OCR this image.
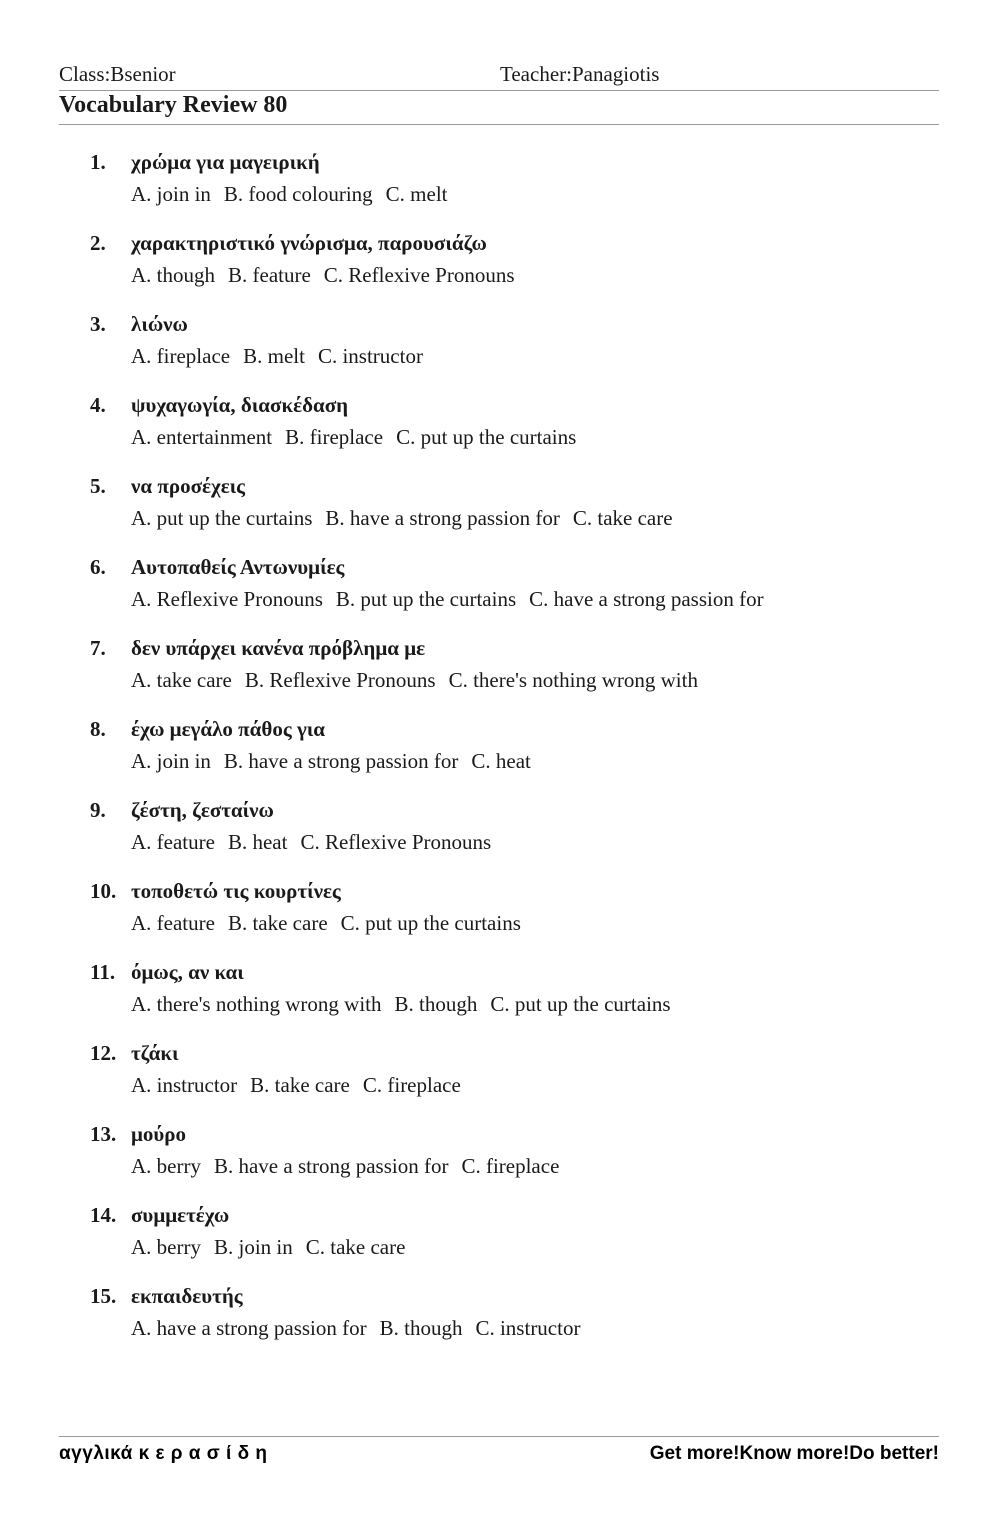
Class:Bsenior	Teacher:Panagiotis
Vocabulary Review 80
1. χρώμα για μαγειρική
A. join in B. food colouring C. melt
2. χαρακτηριστικό γνώρισμα, παρουσιάζω
A. though B. feature C. Reflexive Pronouns
3. λιώνω
A. fireplace B. melt C. instructor
4. ψυχαγωγία, διασκέδαση
A. entertainment B. fireplace C. put up the curtains
5. να προσέχεις
A. put up the curtains B. have a strong passion for C. take care
6. Αυτοπαθείς Αντωνυμίες
A. Reflexive Pronouns B. put up the curtains C. have a strong passion for
7. δεν υπάρχει κανένα πρόβλημα με
A. take care B. Reflexive Pronouns C. there's nothing wrong with
8. έχω μεγάλο πάθος για
A. join in B. have a strong passion for C. heat
9. ζέστη, ζεσταίνω
A. feature B. heat C. Reflexive Pronouns
10. τοποθετώ τις κουρτίνες
A. feature B. take care C. put up the curtains
11. όμως, αν και
A. there's nothing wrong with B. though C. put up the curtains
12. τζάκι
A. instructor B. take care C. fireplace
13. μούρο
A. berry B. have a strong passion for C. fireplace
14. συμμετέχω
A. berry B. join in C. take care
15. εκπαιδευτής
A. have a strong passion for B. though C. instructor
αγγλικά κ ε ρ α σ ί δ η	Get more!Know more!Do better!
